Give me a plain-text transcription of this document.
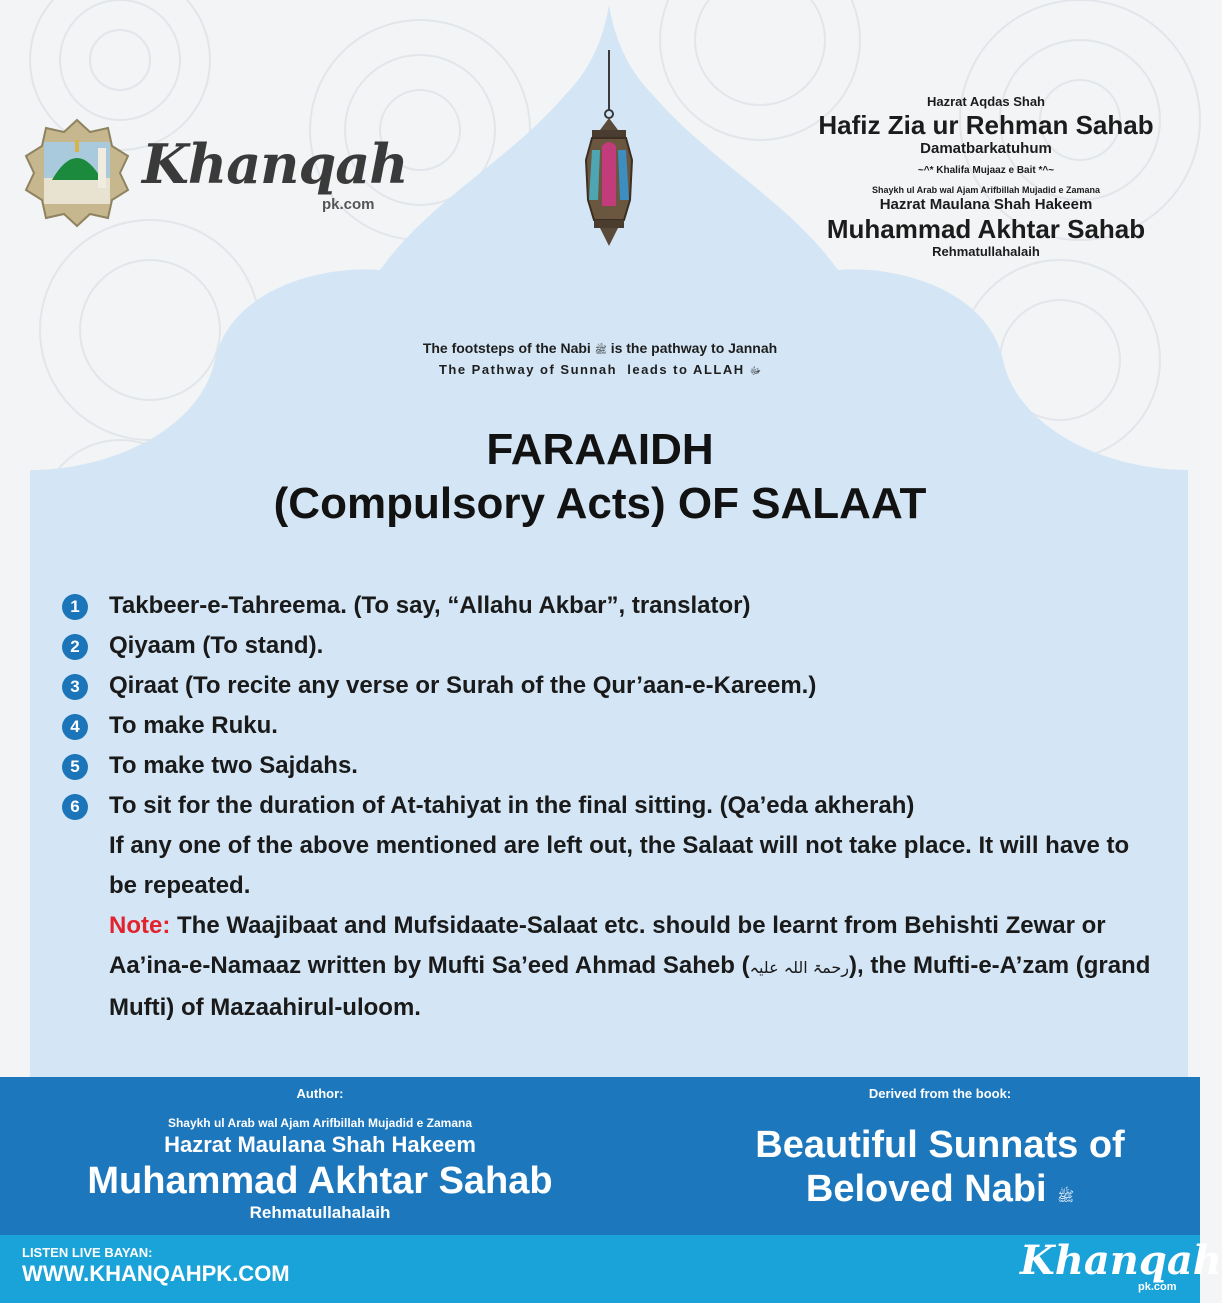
Khanqah
pk.com
Hazrat Aqdas Shah
Hafiz Zia ur Rehman Sahab
Damatbarkatuhum
~^* Khalifa Mujaaz e Bait *^~
Shaykh ul Arab wal Ajam Arifbillah Mujadid e Zamana
Hazrat Maulana Shah Hakeem
Muhammad Akhtar Sahab
Rehmatullahalaih
The footsteps of the Nabi ﷺ is the pathway to Jannah
The Pathway of Sunnah  leads to ALLAH ﷻ
FARAAIDH
(Compulsory Acts) OF SALAAT
1	Takbeer-e-Tahreema. (To say, “Allahu Akbar”, translator)
2	Qiyaam (To stand).
3	Qiraat (To recite any verse or Surah of the Qur’aan-e-Kareem.)
4	To make Ruku.
5	To make two Sajdahs.
6	To sit for the duration of At-tahiyat in the final sitting. (Qa’eda akherah)
If any one of the above mentioned are left out, the Salaat will not take place. It will have to be repeated.
Note: The Waajibaat and Mufsidaate-Salaat etc. should be learnt from Behishti Zewar or Aa’ina-e-Namaaz written by Mufti Sa’eed Ahmad Saheb (رحمۃ اللہ علیہ), the Mufti-e-A’zam (grand Mufti) of Mazaahirul-uloom.
Author:
Shaykh ul Arab wal Ajam Arifbillah Mujadid e Zamana
Hazrat Maulana Shah Hakeem
Muhammad Akhtar Sahab
Rehmatullahalaih
Derived from the book:
Beautiful Sunnats of
Beloved Nabi ﷺ
LISTEN LIVE BAYAN:
WWW.KHANQAHPK.COM	Khanqah
pk.com
